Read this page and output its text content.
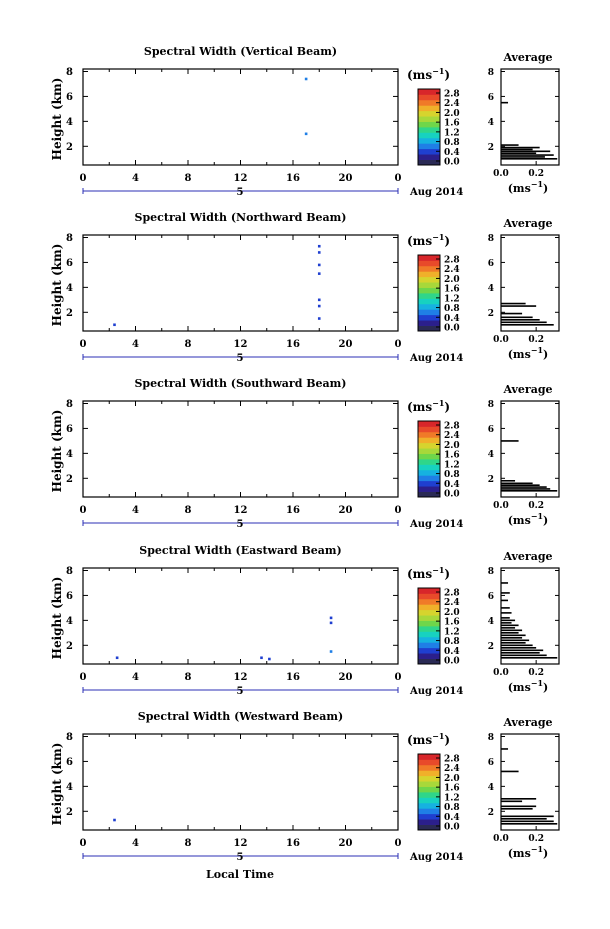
Spectral Width (Vertical Beam)
0	4	8	12	16	20	0
2
4
6
8
Height (km)
5	Aug 2014
$(ms^{-1})$
2.8
2.4
2.0
1.6
1.2
0.8
0.4
0.0
Average
2
4
6
8
0.0 0.2
$(ms^{-1})$
Spectral Width (Northward Beam)
0	4	8	12	16	20	0
2
4
6
8
Height (km)
5	Aug 2014
$(ms^{-1})$
2.8
2.4
2.0
1.6
1.2
0.8
0.4
0.0
Average
2
4
6
8
0.0 0.2
$(ms^{-1})$
Spectral Width (Southward Beam)
0	4	8	12	16	20	0
2
4
6
8
Height (km)
5	Aug 2014
$(ms^{-1})$
2.8
2.4
2.0
1.6
1.2
0.8
0.4
0.0
Average
2
4
6
8
0.0 0.2
$(ms^{-1})$
Spectral Width (Eastward Beam)
0	4	8	12	16	20	0
2
4
6
8
Height (km)
5	Aug 2014
$(ms^{-1})$
2.8
2.4
2.0
1.6
1.2
0.8
0.4
0.0
Average
2
4
6
8
0.0 0.2
$(ms^{-1})$
Spectral Width (Westward Beam)
0	4	8	12	16	20	0
2
4
6
8
Height (km)
5	Aug 2014
$(ms^{-1})$
2.8
2.4
2.0
1.6
1.2
0.8
0.4
0.0
Average
2
4
6
8
0.0 0.2
$(ms^{-1})$
Local Time
